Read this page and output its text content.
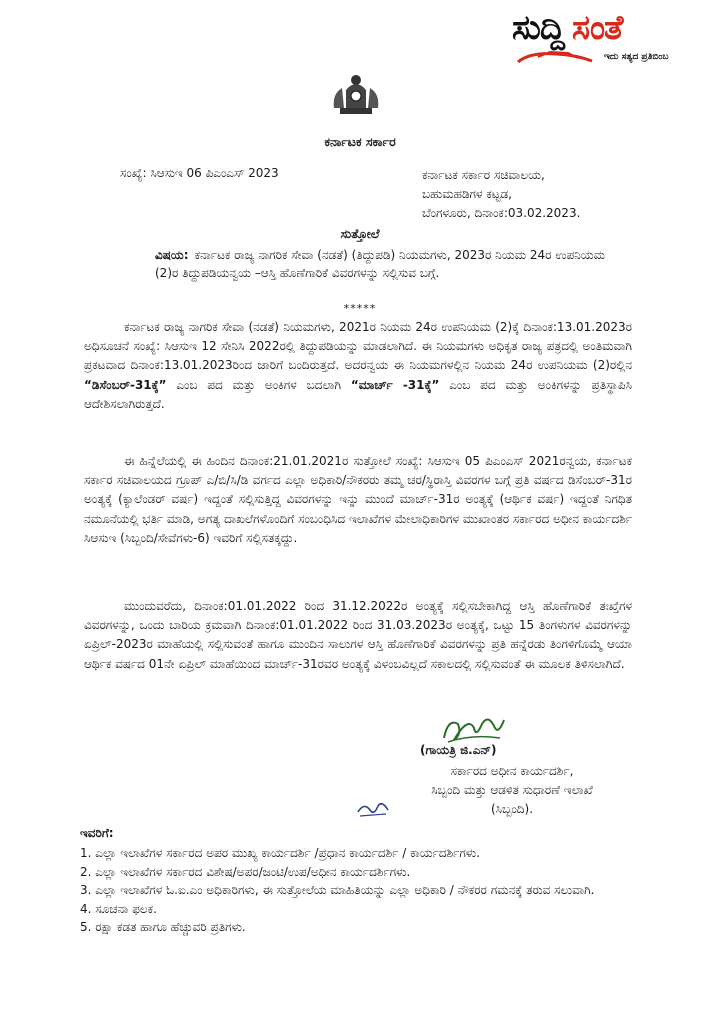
ಸುದ್ದಿ ಸಂತೆ
ಇದು ಸತ್ಯದ ಪ್ರತಿಬಿಂಬ
ಕರ್ನಾಟಕ ಸರ್ಕಾರ
ಸಂಖ್ಯೆ: ಸಿಆಸುಇ 06 ಪಿಎಂಎಸ್ 2023	ಕರ್ನಾಟಕ ಸರ್ಕಾರ ಸಚಿವಾಲಯ,
ಬಹುಮಹಡಿಗಳ ಕಟ್ಟಡ,
ಬೆಂಗಳೂರು, ದಿನಾಂಕ:03.02.2023.
ಸುತ್ತೋಲೆ
ವಿಷಯ: ಕರ್ನಾಟಕ ರಾಜ್ಯ ನಾಗರಿಕ ಸೇವಾ (ನಡತೆ) (ತಿದ್ದುಪಡಿ) ನಿಯಮಗಳು, 2023ರ ನಿಯಮ 24ರ ಉಪನಿಯಮ (2)ರ ತಿದ್ದುಪಡಿಯನ್ವಯ –ಆಸ್ತಿ ಹೊಣೆಗಾರಿಕೆ ವಿವರಗಳನ್ನು ಸಲ್ಲಿಸುವ ಬಗ್ಗೆ.
*****
ಕರ್ನಾಟಕ ರಾಜ್ಯ ನಾಗರಿಕ ಸೇವಾ (ನಡತೆ) ನಿಯಮಗಳು, 2021ರ ನಿಯಮ 24ರ ಉಪನಿಯಮ (2)ಕ್ಕೆ ದಿನಾಂಕ:13.01.2023ರ ಅಧಿಸೂಚನೆ ಸಂಖ್ಯೆ: ಸಿಆಸುಇ 12 ಸೇನಿಸಿ 2022ರಲ್ಲಿ ತಿದ್ದುಪಡಿಯನ್ನು ಮಾಡಲಾಗಿದೆ. ಈ ನಿಯಮಗಳು ಅಧಿಕೃತ ರಾಜ್ಯ ಪತ್ರದಲ್ಲಿ ಅಂತಿಮವಾಗಿ ಪ್ರಕಟವಾದ ದಿನಾಂಕ:13.01.2023ರಿಂದ ಜಾರಿಗೆ ಬಂದಿರುತ್ತದೆ. ಅದರನ್ವಯ ಈ ನಿಯಮಗಳಲ್ಲಿನ ನಿಯಮ 24ರ ಉಪನಿಯಮ (2)ರಲ್ಲಿನ “ಡಿಸೆಂಬರ್-31ಕ್ಕೆ” ಎಂಬ ಪದ ಮತ್ತು ಅಂಕಿಗಳ ಬದಲಾಗಿ “ಮಾರ್ಚ್ -31ಕ್ಕೆ” ಎಂಬ ಪದ ಮತ್ತು ಅಂಕಿಗಳನ್ನು ಪ್ರತಿಸ್ಥಾಪಿಸಿ ಆದೇಶಿಸಲಾಗಿರುತ್ತದೆ.
ಈ ಹಿನ್ನೆಲೆಯಲ್ಲಿ ಈ ಹಿಂದಿನ ದಿನಾಂಕ:21.01.2021ರ ಸುತ್ತೋಲೆ ಸಂಖ್ಯೆ: ಸಿಆಸುಇ 05 ಪಿಎಂಎಸ್ 2021ರನ್ವಯ, ಕರ್ನಾಟಕ ಸರ್ಕಾರ ಸಚಿವಾಲಯದ ಗ್ರೂಪ್ ಎ/ಬಿ/ಸಿ/ಡಿ ವರ್ಗದ ಎಲ್ಲಾ ಅಧಿಕಾರಿ/ನೌಕರರು ತಮ್ಮ ಚರ/ಸ್ಥಿರಾಸ್ತಿ ವಿವರಗಳ ಬಗ್ಗೆ ಪ್ರತಿ ವರ್ಷದ ಡಿಸೆಂಬರ್-31ರ ಅಂತ್ಯಕ್ಕೆ (ಕ್ಯಾಲೆಂಡರ್ ವರ್ಷ) ಇದ್ದಂತೆ ಸಲ್ಲಿಸುತ್ತಿದ್ದ ವಿವರಗಳನ್ನು ಇನ್ನು ಮುಂದೆ ಮಾರ್ಚ್-31ರ ಅಂತ್ಯಕ್ಕೆ (ಆರ್ಥಿಕ ವರ್ಷ) ಇದ್ದಂತೆ ನಿಗಧಿತ ನಮೂನೆಯಲ್ಲಿ ಭರ್ತಿ ಮಾಡಿ, ಅಗತ್ಯ ದಾಖಲೆಗಳೊಂದಿಗೆ ಸಂಬಂಧಿಸಿದ ಇಲಾಖೆಗಳ ಮೇಲಾಧಿಕಾರಿಗಳ ಮುಖಾಂತರ ಸರ್ಕಾರದ ಅಧೀನ ಕಾರ್ಯದರ್ಶಿ ಸಿಆಸುಇ (ಸಿಬ್ಬಂದಿ/ಸೇವೆಗಳು-6) ಇವರಿಗೆ ಸಲ್ಲಿಸತಕ್ಕದ್ದು.
ಮುಂದುವರೆದು, ದಿನಾಂಕ:01.01.2022 ರಿಂದ 31.12.2022ರ ಅಂತ್ಯಕ್ಕೆ ಸಲ್ಲಿಸಬೇಕಾಗಿದ್ದ ಆಸ್ತಿ ಹೊಣೆಗಾರಿಕೆ ತಃಖ್ತೆಗಳ ವಿವರಗಳನ್ನು, ಒಂದು ಬಾರಿಯ ಕ್ರಮವಾಗಿ ದಿನಾಂಕ:01.01.2022 ರಿಂದ 31.03.2023ರ ಅಂತ್ಯಕ್ಕೆ, ಒಟ್ಟು 15 ತಿಂಗಳುಗಳ ವಿವರಗಳನ್ನು ಏಪ್ರಿಲ್-2023ರ ಮಾಹೆಯಲ್ಲಿ ಸಲ್ಲಿಸುವಂತೆ ಹಾಗೂ ಮುಂದಿನ ಸಾಲುಗಳ ಆಸ್ತಿ ಹೊಣೆಗಾರಿಕೆ ವಿವರಗಳನ್ನು ಪ್ರತಿ ಹನ್ನೆರಡು ತಿಂಗಳಿಗೊಮ್ಮೆ ಆಯಾ ಆರ್ಥಿಕ ವರ್ಷದ 01ನೇ ಏಪ್ರಿಲ್ ಮಾಹೆಯಿಂದ ಮಾರ್ಚ್-31ರವರ ಅಂತ್ಯಕ್ಕೆ ವಿಳಂಬವಿಲ್ಲದೆ ಸಕಾಲದಲ್ಲಿ ಸಲ್ಲಿಸುವಂತೆ ಈ ಮೂಲಕ ತಿಳಿಸಲಾಗಿದೆ.
(ಗಾಯತ್ರಿ ಜಿ.ಎನ್)
ಸರ್ಕಾರದ ಅಧೀನ ಕಾರ್ಯದರ್ಶಿ,
ಸಿಬ್ಬಂದಿ ಮತ್ತು ಆಡಳಿತ ಸುಧಾರಣೆ ಇಲಾಖೆ
(ಸಿಬ್ಬಂದಿ).
ಇವರಿಗೆ:
1. ಎಲ್ಲಾ ಇಲಾಖೆಗಳ ಸರ್ಕಾರದ ಅಪರ ಮುಖ್ಯ ಕಾರ್ಯದರ್ಶಿ /ಪ್ರಧಾನ ಕಾರ್ಯದರ್ಶಿ / ಕಾರ್ಯದರ್ಶಿಗಳು.
2. ಎಲ್ಲಾ ಇಲಾಖೆಗಳ ಸರ್ಕಾರದ ವಿಶೇಷ/ಅಪರ/ಜಂಟಿ/ಉಪ/ಅಧೀನ ಕಾರ್ಯದರ್ಶಿಗಳು.
3. ಎಲ್ಲಾ ಇಲಾಖೆಗಳ ಓ.ಐ.ಎಂ ಅಧಿಕಾರಿಗಳು, ಈ ಸುತ್ತೋಲೆಯ ಮಾಹಿತಿಯನ್ನು ಎಲ್ಲಾ ಅಧಿಕಾರಿ / ನೌಕರರ ಗಮನಕ್ಕೆ ತರುವ ಸಲುವಾಗಿ.
4. ಸೂಚನಾ ಫಲಕ.
5. ರಕ್ಷಾ ಕಡತ ಹಾಗೂ ಹೆಚ್ಚುವರಿ ಪ್ರತಿಗಳು.
